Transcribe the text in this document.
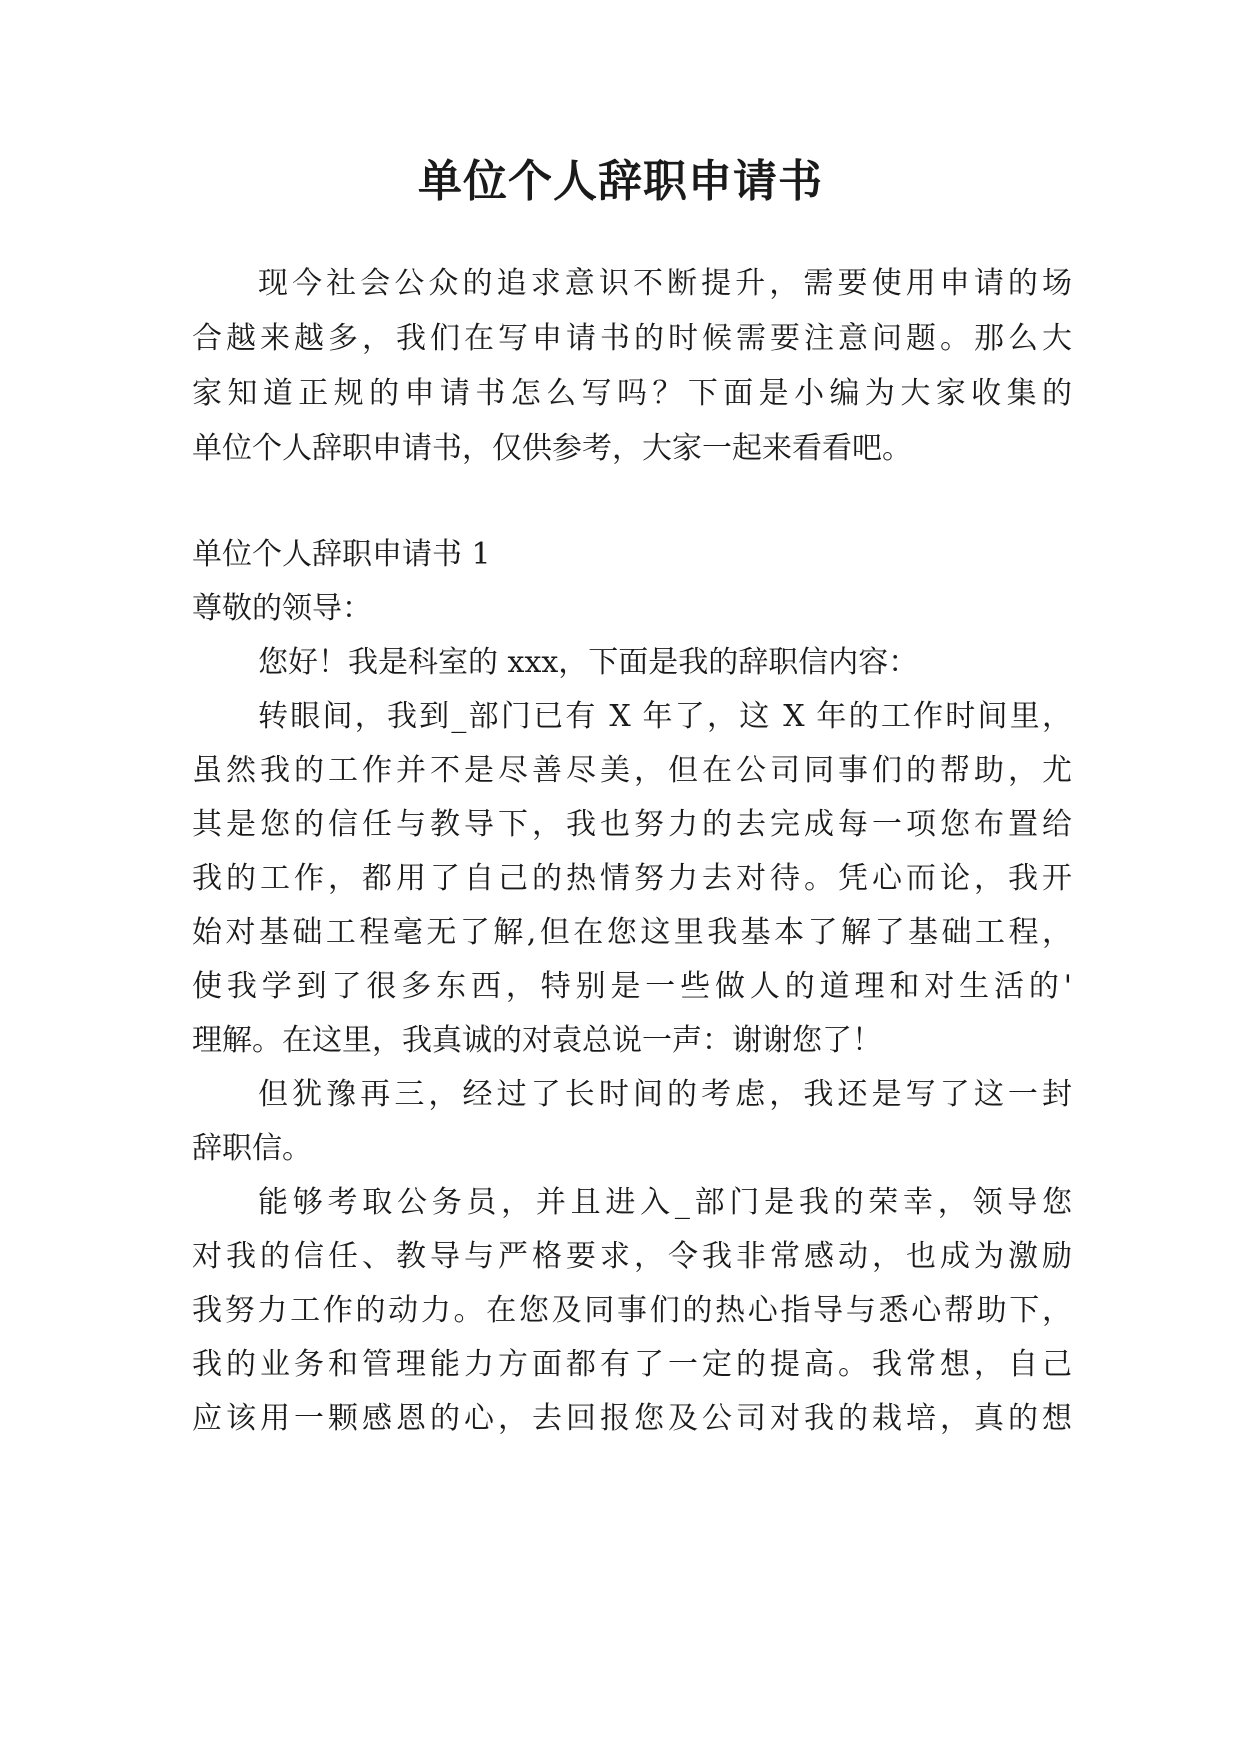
单位个人辞职申请书
现今社会公众的追求意识不断提升，需要使用申请的场
合越来越多，我们在写申请书的时候需要注意问题。那么大
家知道正规的申请书怎么写吗？下面是小编为大家收集的
单位个人辞职申请书，仅供参考，大家一起来看看吧。
单位个人辞职申请书 1
尊敬的领导：
您好！我是科室的 xxx，下面是我的辞职信内容：
转眼间，我到_部门已有 X 年了，这 X 年的工作时间里，
虽然我的工作并不是尽善尽美，但在公司同事们的帮助，尤
其是您的信任与教导下，我也努力的去完成每一项您布置给
我的工作，都用了自己的热情努力去对待。凭心而论，我开
始对基础工程毫无了解,但在您这里我基本了解了基础工程，
使我学到了很多东西，特别是一些做人的道理和对生活的'
理解。在这里，我真诚的对袁总说一声：谢谢您了！
但犹豫再三，经过了长时间的考虑，我还是写了这一封
辞职信。
能够考取公务员，并且进入_部门是我的荣幸，领导您
对我的信任、教导与严格要求，令我非常感动，也成为激励
我努力工作的动力。在您及同事们的热心指导与悉心帮助下，
我的业务和管理能力方面都有了一定的提高。我常想，自己
应该用一颗感恩的心，去回报您及公司对我的栽培，真的想
